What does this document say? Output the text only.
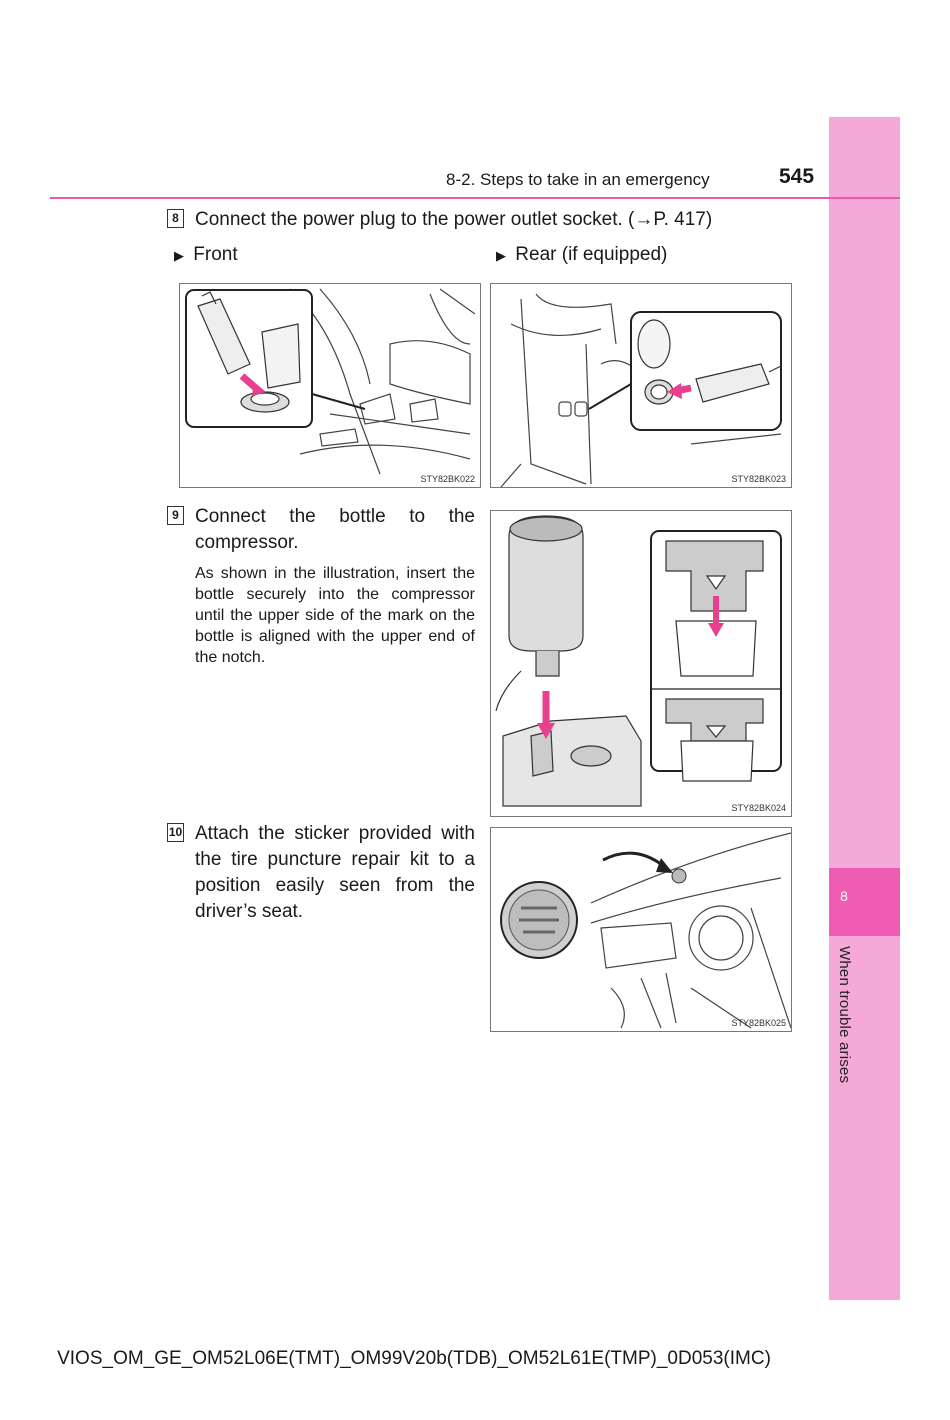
8
When trouble arises
8-2. Steps to take in an emergency	545
8 Connect the power plug to the power outlet socket. (→P. 417)
▶ Front	▶ Rear (if equipped)
STY82BK022	STY82BK023
9 Connect the bottle to the compressor.
As shown in the illustration, insert the bottle securely into the compressor until the upper side of the mark on the bottle is aligned with the upper end of the notch.
STY82BK024
10 Attach the sticker provided with the tire puncture repair kit to a position easily seen from the driver’s seat.
STY82BK025
VIOS_OM_GE_OM52L06E(TMT)_OM99V20b(TDB)_OM52L61E(TMP)_0D053(IMC)
